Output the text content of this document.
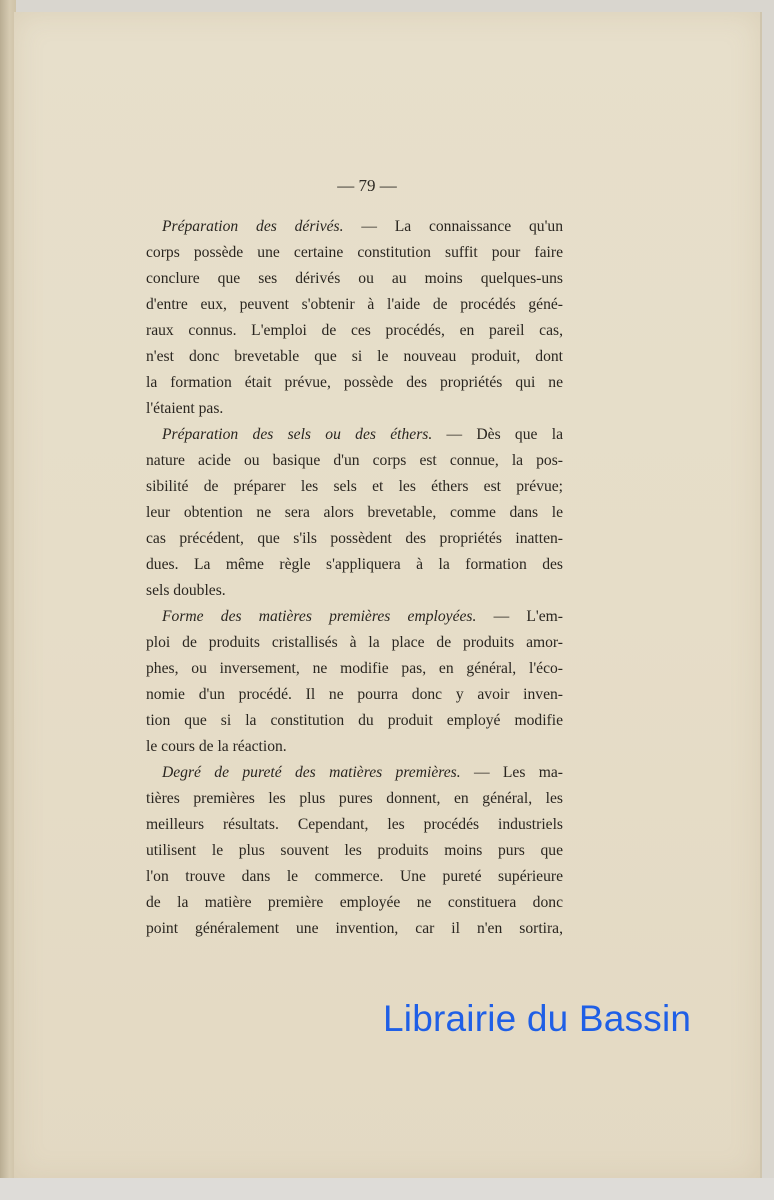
— 79 —
Préparation des dérivés. — La connaissance qu'un
corps possède une certaine constitution suffit pour faire
conclure que ses dérivés ou au moins quelques-uns
d'entre eux, peuvent s'obtenir à l'aide de procédés géné-
raux connus. L'emploi de ces procédés, en pareil cas,
n'est donc brevetable que si le nouveau produit, dont
la formation était prévue, possède des propriétés qui ne
l'étaient pas.
Préparation des sels ou des éthers. — Dès que la
nature acide ou basique d'un corps est connue, la pos-
sibilité de préparer les sels et les éthers est prévue;
leur obtention ne sera alors brevetable, comme dans le
cas précédent, que s'ils possèdent des propriétés inatten-
dues. La même règle s'appliquera à la formation des
sels doubles.
Forme des matières premières employées. — L'em-
ploi de produits cristallisés à la place de produits amor-
phes, ou inversement, ne modifie pas, en général, l'éco-
nomie d'un procédé. Il ne pourra donc y avoir inven-
tion que si la constitution du produit employé modifie
le cours de la réaction.
Degré de pureté des matières premières. — Les ma-
tières premières les plus pures donnent, en général, les
meilleurs résultats. Cependant, les procédés industriels
utilisent le plus souvent les produits moins purs que
l'on trouve dans le commerce. Une pureté supérieure
de la matière première employée ne constituera donc
point généralement une invention, car il n'en sortira,
Librairie du Bassin
